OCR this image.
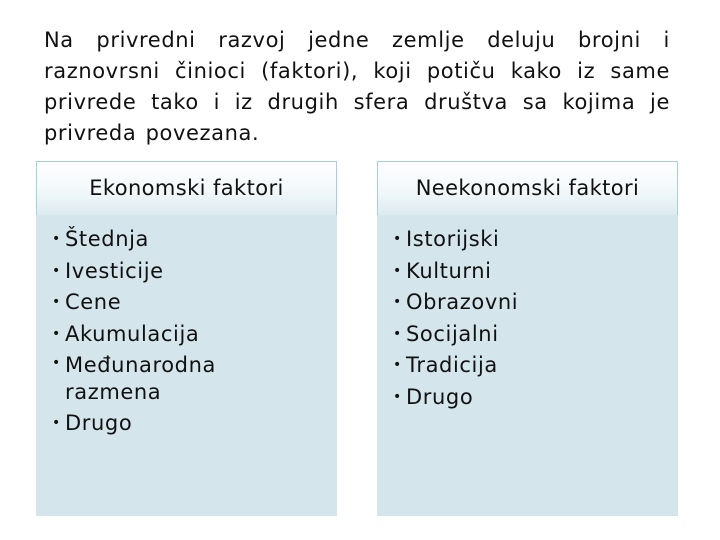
Na privredni razvoj jedne zemlje deluju brojni i raznovrsni činioci (faktori), koji potiču kako iz same privrede tako i iz drugih sfera društva sa kojima je privreda povezana.

Ekonomski faktori
• Štednja
• Ivesticije
• Cene
• Akumulacija
• Međunarodna razmena
• Drugo
Neekonomski faktori
• Istorijski
• Kulturni
• Obrazovni
• Socijalni
• Tradicija
• Drugo
